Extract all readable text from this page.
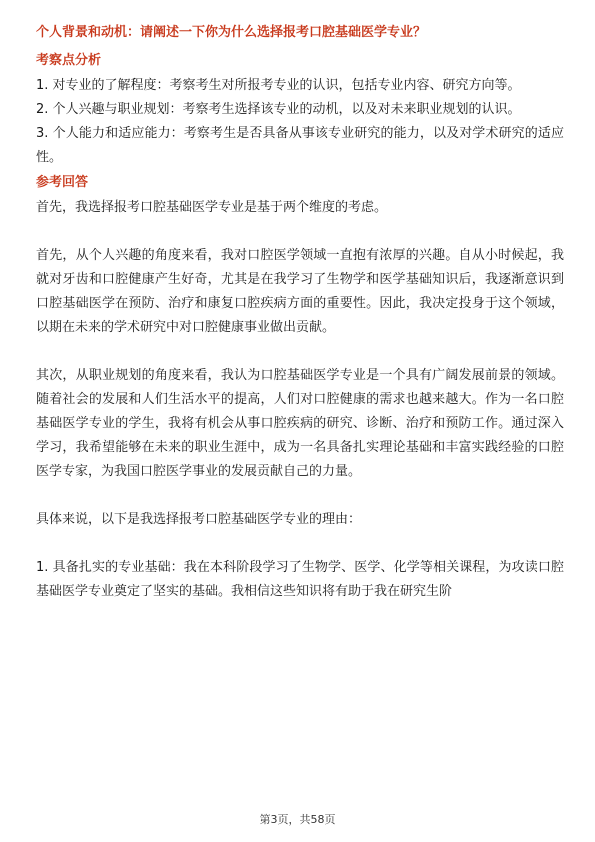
个人背景和动机：请阐述一下你为什么选择报考口腔基础医学专业？
考察点分析

1. 对专业的了解程度：考察考生对所报考专业的认识，包括专业内容、研究方向等。

2. 个人兴趣与职业规划：考察考生选择该专业的动机，以及对未来职业规划的认识。

3. 个人能力和适应能力：考察考生是否具备从事该专业研究的能力，以及对学术研究的适应性。

参考回答

首先，我选择报考口腔基础医学专业是基于两个维度的考虑。

首先，从个人兴趣的角度来看，我对口腔医学领域一直抱有浓厚的兴趣。自从小时候起，我就对牙齿和口腔健康产生好奇，尤其是在我学习了生物学和医学基础知识后，我逐渐意识到口腔基础医学在预防、治疗和康复口腔疾病方面的重要性。因此，我决定投身于这个领域，以期在未来的学术研究中对口腔健康事业做出贡献。

其次，从职业规划的角度来看，我认为口腔基础医学专业是一个具有广阔发展前景的领域。随着社会的发展和人们生活水平的提高，人们对口腔健康的需求也越来越大。作为一名口腔基础医学专业的学生，我将有机会从事口腔疾病的研究、诊断、治疗和预防工作。通过深入学习，我希望能够在未来的职业生涯中，成为一名具备扎实理论基础和丰富实践经验的口腔医学专家，为我国口腔医学事业的发展贡献自己的力量。

具体来说，以下是我选择报考口腔基础医学专业的理由：

1. 具备扎实的专业基础：我在本科阶段学习了生物学、医学、化学等相关课程，为攻读口腔基础医学专业奠定了坚实的基础。我相信这些知识将有助于我在研究生阶

第3页，共58页
